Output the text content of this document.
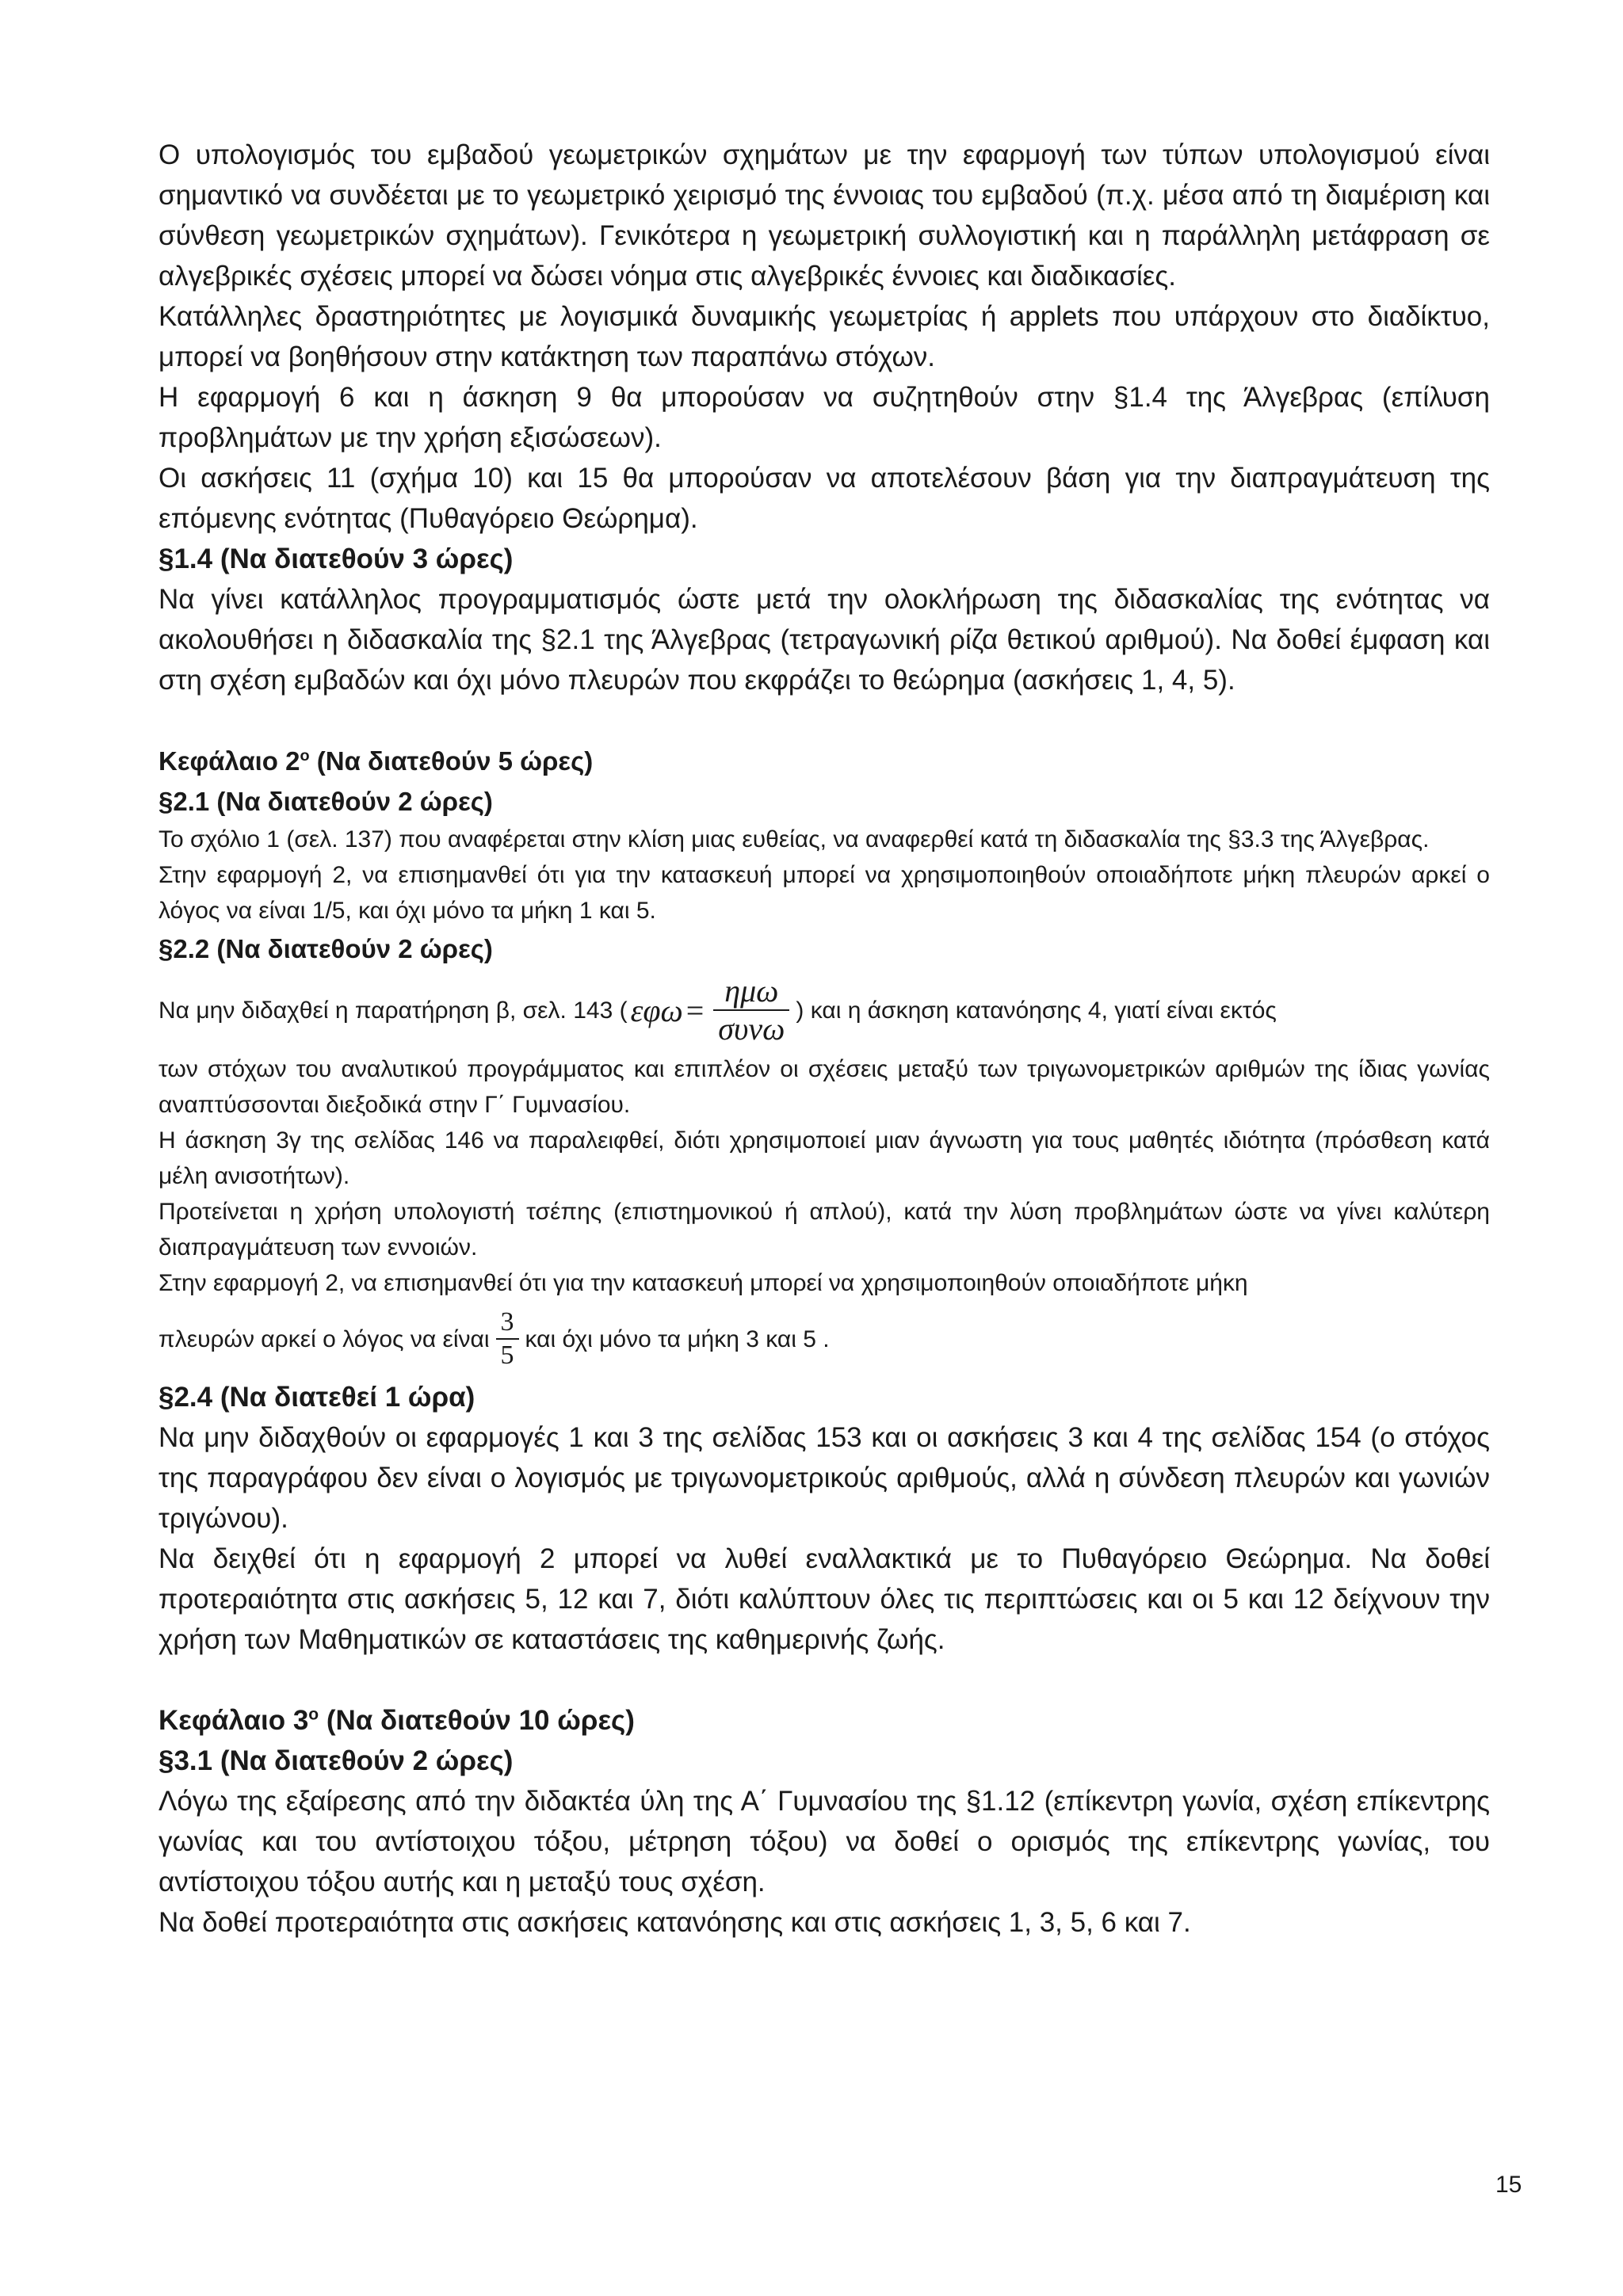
Ο υπολογισμός του εμβαδού γεωμετρικών σχημάτων με την εφαρμογή των τύπων υπολογισμού είναι σημαντικό να συνδέεται με το γεωμετρικό χειρισμό της έννοιας του εμβαδού (π.χ. μέσα από τη διαμέριση και σύνθεση γεωμετρικών σχημάτων). Γενικότερα η γεωμετρική συλλογιστική και η παράλληλη μετάφραση σε αλγεβρικές σχέσεις μπορεί να δώσει νόημα στις αλγεβρικές έννοιες και διαδικασίες.

Κατάλληλες δραστηριότητες με λογισμικά δυναμικής γεωμετρίας ή applets που υπάρχουν στο διαδίκτυο, μπορεί να βοηθήσουν στην κατάκτηση των παραπάνω στόχων.

Η εφαρμογή 6 και η άσκηση 9 θα μπορούσαν να συζητηθούν στην §1.4 της Άλγεβρας (επίλυση προβλημάτων με την χρήση εξισώσεων).

Οι ασκήσεις 11 (σχήμα 10) και 15 θα μπορούσαν να αποτελέσουν βάση για την διαπραγμάτευση της επόμενης ενότητας (Πυθαγόρειο Θεώρημα).

§1.4 (Να διατεθούν 3 ώρες)

Να γίνει κατάλληλος προγραμματισμός ώστε μετά την ολοκλήρωση της διδασκαλίας της ενότητας να ακολουθήσει η διδασκαλία της §2.1 της Άλγεβρας (τετραγωνική ρίζα θετικού αριθμού). Να δοθεί έμφαση και στη σχέση εμβαδών και όχι μόνο πλευρών που εκφράζει το θεώρημα (ασκήσεις 1, 4, 5).

Κεφάλαιο $2^o$ (Να διατεθούν 5 ώρες)

§2.1 (Να διατεθούν 2 ώρες)

Το σχόλιο 1 (σελ. 137) που αναφέρεται στην κλίση μιας ευθείας, να αναφερθεί κατά τη διδασκαλία της §3.3 της Άλγεβρας.

Στην εφαρμογή 2, να επισημανθεί ότι για την κατασκευή μπορεί να χρησιμοποιηθούν οποιαδήποτε μήκη πλευρών αρκεί ο λόγος να είναι 1/5, και όχι μόνο τα μήκη 1 και 5.

§2.2 (Να διατεθούν 2 ώρες)

Να μην διδαχθεί η παρατήρηση β, σελ. 143 ( $\varepsilon\varphi\omega = \frac{\text{ημω}}{\text{συνω}}$ ) και η άσκηση κατανόησης 4, γιατί είναι εκτός

των στόχων του αναλυτικού προγράμματος και επιπλέον οι σχέσεις μεταξύ των τριγωνομετρικών αριθμών της ίδιας γωνίας αναπτύσσονται διεξοδικά στην Γ΄ Γυμνασίου.

Η άσκηση 3γ της σελίδας 146 να παραλειφθεί, διότι χρησιμοποιεί μιαν άγνωστη για τους μαθητές ιδιότητα (πρόσθεση κατά μέλη ανισοτήτων).

Προτείνεται η χρήση υπολογιστή τσέπης (επιστημονικού ή απλού), κατά την λύση προβλημάτων ώστε να γίνει καλύτερη διαπραγμάτευση των εννοιών.

Στην εφαρμογή 2, να επισημανθεί ότι για την κατασκευή μπορεί να χρησιμοποιηθούν οποιαδήποτε μήκη

πλευρών αρκεί ο λόγος να είναι $\frac{3}{5}$ και όχι μόνο τα μήκη 3 και 5 .

§2.4 (Να διατεθεί 1 ώρα)

Να μην διδαχθούν οι εφαρμογές 1 και 3 της σελίδας 153 και οι ασκήσεις 3 και 4 της σελίδας 154 (ο στόχος της παραγράφου δεν είναι ο λογισμός με τριγωνομετρικούς αριθμούς, αλλά η σύνδεση πλευρών και γωνιών τριγώνου).

Να δειχθεί ότι η εφαρμογή 2 μπορεί να λυθεί εναλλακτικά με το Πυθαγόρειο Θεώρημα. Να δοθεί προτεραιότητα στις ασκήσεις 5, 12 και 7, διότι καλύπτουν όλες τις περιπτώσεις και οι 5 και 12 δείχνουν την χρήση των Μαθηματικών σε καταστάσεις της καθημερινής ζωής.

Κεφάλαιο $3^o$ (Να διατεθούν 10 ώρες)

§3.1 (Να διατεθούν 2 ώρες)

Λόγω της εξαίρεσης από την διδακτέα ύλη της Α΄ Γυμνασίου της §1.12 (επίκεντρη γωνία, σχέση επίκεντρης γωνίας και του αντίστοιχου τόξου, μέτρηση τόξου) να δοθεί ο ορισμός της επίκεντρης γωνίας, του αντίστοιχου τόξου αυτής και η μεταξύ τους σχέση.

Να δοθεί προτεραιότητα στις ασκήσεις κατανόησης και στις ασκήσεις 1, 3, 5, 6 και 7.

15
